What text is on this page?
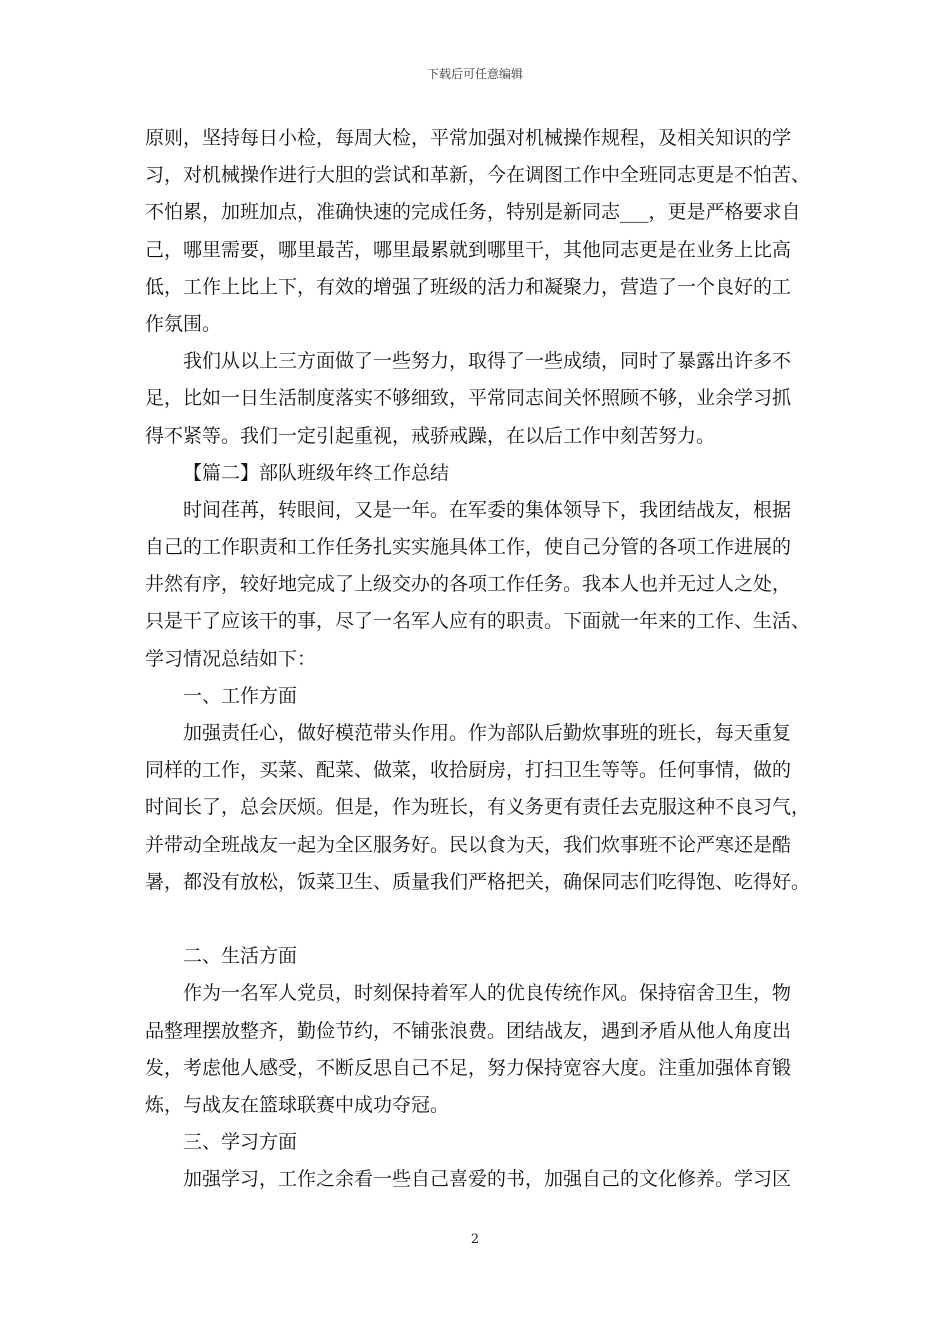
下载后可任意编辑
原则，坚持每日小检，每周大检，平常加强对机械操作规程，及相关知识的学
习，对机械操作进行大胆的尝试和革新，今在调图工作中全班同志更是不怕苦、
不怕累，加班加点，准确快速的完成任务，特别是新同志___，更是严格要求自
己，哪里需要，哪里最苦，哪里最累就到哪里干，其他同志更是在业务上比高
低，工作上比上下，有效的增强了班级的活力和凝聚力，营造了一个良好的工
作氛围。
我们从以上三方面做了一些努力，取得了一些成绩，同时了暴露出许多不
足，比如一日生活制度落实不够细致，平常同志间关怀照顾不够，业余学习抓
得不紧等。我们一定引起重视，戒骄戒躁，在以后工作中刻苦努力。
【篇二】部队班级年终工作总结
时间荏苒，转眼间，又是一年。在军委的集体领导下，我团结战友，根据
自己的工作职责和工作任务扎实实施具体工作，使自己分管的各项工作进展的
井然有序，较好地完成了上级交办的各项工作任务。我本人也并无过人之处，
只是干了应该干的事，尽了一名军人应有的职责。下面就一年来的工作、生活、
学习情况总结如下：
一、工作方面
加强责任心，做好模范带头作用。作为部队后勤炊事班的班长，每天重复
同样的工作，买菜、配菜、做菜，收拾厨房，打扫卫生等等。任何事情，做的
时间长了，总会厌烦。但是，作为班长，有义务更有责任去克服这种不良习气，
并带动全班战友一起为全区服务好。民以食为天，我们炊事班不论严寒还是酷
暑，都没有放松，饭菜卫生、质量我们严格把关，确保同志们吃得饱、吃得好。
二、生活方面
作为一名军人党员，时刻保持着军人的优良传统作风。保持宿舍卫生，物
品整理摆放整齐，勤俭节约，不铺张浪费。团结战友，遇到矛盾从他人角度出
发，考虑他人感受，不断反思自己不足，努力保持宽容大度。注重加强体育锻
炼，与战友在篮球联赛中成功夺冠。
三、学习方面
加强学习，工作之余看一些自己喜爱的书，加强自己的文化修养。学习区
2
